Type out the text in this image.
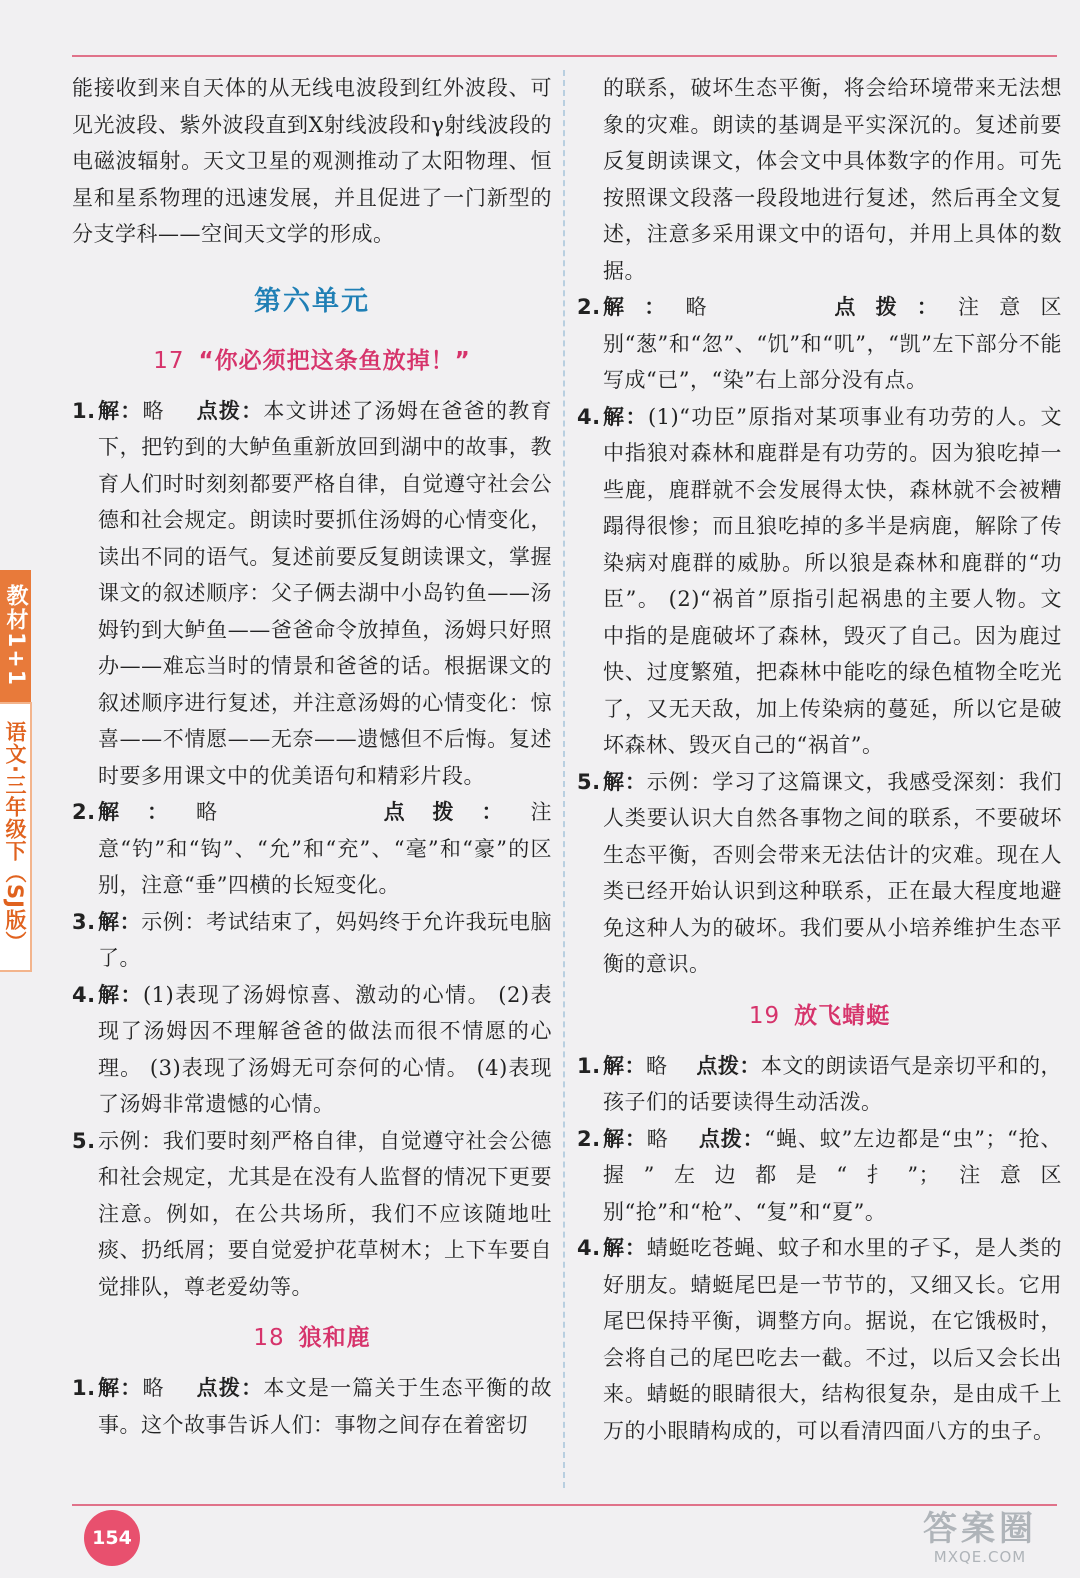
教材1+1
语文·三年级下（SJ版）

能接收到来自天体的从无线电波段到红外波段、可见光波段、紫外波段直到X射线波段和γ射线波段的电磁波辐射。天文卫星的观测推动了太阳物理、恒星和星系物理的迅速发展，并且促进了一门新型的分支学科——空间天文学的形成。

第六单元
17 “你必须把这条鱼放掉！”

1. 解：略 点拨：本文讲述了汤姆在爸爸的教育下，把钓到的大鲈鱼重新放回到湖中的故事，教育人们时时刻刻都要严格自律，自觉遵守社会公德和社会规定。朗读时要抓住汤姆的心情变化，读出不同的语气。复述前要反复朗读课文，掌握课文的叙述顺序：父子俩去湖中小岛钓鱼——汤姆钓到大鲈鱼——爸爸命令放掉鱼，汤姆只好照办——难忘当时的情景和爸爸的话。根据课文的叙述顺序进行复述，并注意汤姆的心情变化：惊喜——不情愿——无奈——遗憾但不后悔。复述时要多用课文中的优美语句和精彩片段。

2. 解：略	点拨：注意“钓”和“钩”、“允”和“充”、“毫”和“豪”的区别，注意“垂”四横的长短变化。

3. 解：示例：考试结束了，妈妈终于允许我玩电脑了。

4. 解：(1)表现了汤姆惊喜、激动的心情。 (2)表现了汤姆因不理解爸爸的做法而很不情愿的心理。 (3)表现了汤姆无可奈何的心情。 (4)表现了汤姆非常遗憾的心情。

5. 示例：我们要时刻严格自律，自觉遵守社会公德和社会规定，尤其是在没有人监督的情况下更要注意。例如，在公共场所，我们不应该随地吐痰、扔纸屑；要自觉爱护花草树木；上下车要自觉排队，尊老爱幼等。

18 狼和鹿

1. 解：略 点拨：本文是一篇关于生态平衡的故事。这个故事告诉人们：事物之间存在着密切

的联系，破坏生态平衡，将会给环境带来无法想象的灾难。朗读的基调是平实深沉的。复述前要反复朗读课文，体会文中具体数字的作用。可先按照课文段落一段段地进行复述，然后再全文复述，注意多采用课文中的语句，并用上具体的数据。

2. 解：略	点拨：注意区别“葱”和“忽”、“饥”和“叽”，“凯”左下部分不能写成“已”，“染”右上部分没有点。

4. 解：(1)“功臣”原指对某项事业有功劳的人。文中指狼对森林和鹿群是有功劳的。因为狼吃掉一些鹿，鹿群就不会发展得太快，森林就不会被糟蹋得很惨；而且狼吃掉的多半是病鹿，解除了传染病对鹿群的威胁。所以狼是森林和鹿群的“功臣”。 (2)“祸首”原指引起祸患的主要人物。文中指的是鹿破坏了森林，毁灭了自己。因为鹿过快、过度繁殖，把森林中能吃的绿色植物全吃光了，又无天敌，加上传染病的蔓延，所以它是破坏森林、毁灭自己的“祸首”。

5. 解：示例：学习了这篇课文，我感受深刻：我们人类要认识大自然各事物之间的联系，不要破坏生态平衡，否则会带来无法估计的灾难。现在人类已经开始认识到这种联系，正在最大程度地避免这种人为的破坏。我们要从小培养维护生态平衡的意识。

19 放飞蜻蜓

1. 解：略 点拨：本文的朗读语气是亲切平和的，孩子们的话要读得生动活泼。

2. 解：略 点拨：“蝇、蚊”左边都是“虫”；“抢、握”左边都是“扌”；注意区别“抢”和“枪”、“复”和“夏”。

4. 解：蜻蜓吃苍蝇、蚊子和水里的孑孓，是人类的好朋友。蜻蜓尾巴是一节节的，又细又长。它用尾巴保持平衡，调整方向。据说，在它饿极时，会将自己的尾巴吃去一截。不过，以后又会长出来。蜻蜓的眼睛很大，结构很复杂，是由成千上万的小眼睛构成的，可以看清四面八方的虫子。

154	答案圈
MXQE.COM
